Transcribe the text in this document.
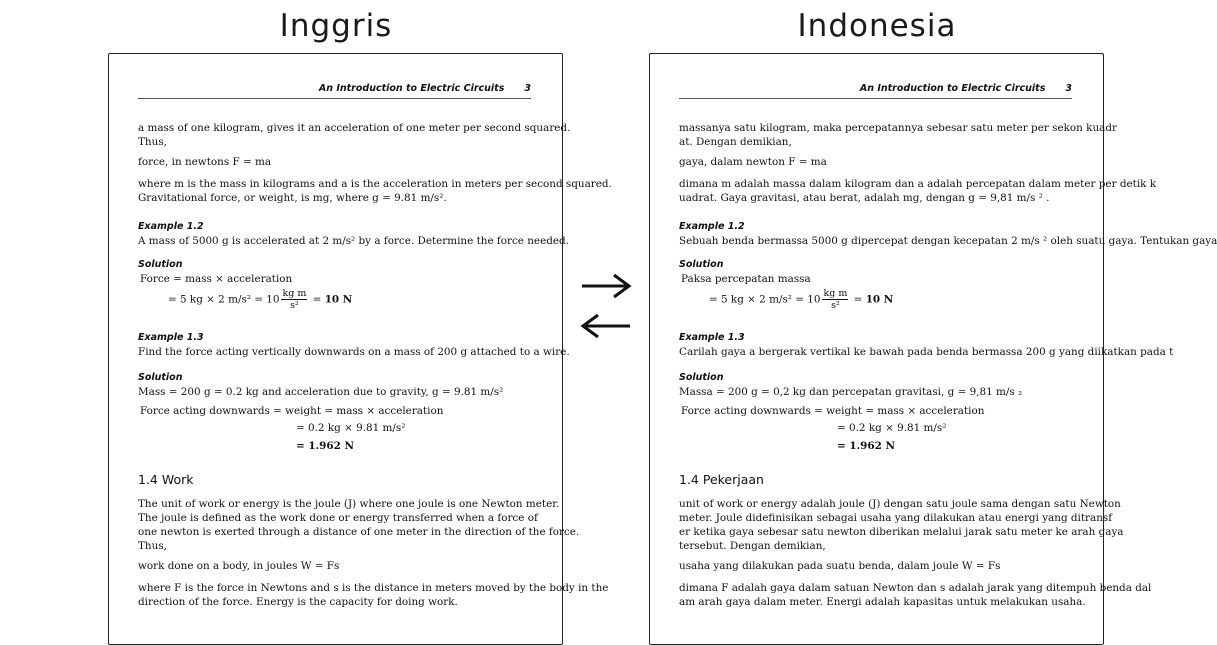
Inggris	Indonesia
An Introduction to Electric Circuits 3
a mass of one kilogram, gives it an acceleration of one meter per second squared.
Thus,
force, in newtons F = ma
where m is the mass in kilograms and a is the acceleration in meters per second squared.
Gravitational force, or weight, is mg, where g = 9.81 m/s².
Example 1.2
A mass of 5000 g is accelerated at 2 m/s² by a force. Determine the force needed.
Solution
Force = mass × acceleration
= 5 kg × 2 $m/s^2 = 10 \frac{\text{kg m}}{\text{s²}} = 10$ N
Example 1.3
Find the force acting vertically downwards on a mass of 200 g attached to a wire.
Solution
Mass = 200 g = 0.2 kg and acceleration due to gravity, g = 9.81 m/s²
Force acting downwards = weight = mass × acceleration
= 0.2 kg × 9.81 m/s²
= 1.962 N
1.4 Work
The unit of work or energy is the joule (J) where one joule is one Newton meter.
The joule is defined as the work done or energy transferred when a force of
one newton is exerted through a distance of one meter in the direction of the force.
Thus,
work done on a body, in joules W = Fs
where F is the force in Newtons and s is the distance in meters moved by the body in the
direction of the force. Energy is the capacity for doing work.
An Introduction to Electric Circuits 3
massanya satu kilogram, maka percepatannya sebesar satu meter per sekon kuadr
at. Dengan demikian,
gaya, dalam newton F = ma
dimana m adalah massa dalam kilogram dan a adalah percepatan dalam meter per detik k
uadrat. Gaya gravitasi, atau berat, adalah mg, dengan g = 9,81 m/s ² .
Example 1.2
Sebuah benda bermassa 5000 g dipercepat dengan kecepatan 2 m/s ² oleh suatu gaya. Tentukan gaya
Solution
Paksa percepatan massa
= 5 kg × 2 $m/s^2 = 10 \frac{\text{kg m}}{\text{s²}} = 10$ N
Example 1.3
Carilah gaya a bergerak vertikal ke bawah pada benda bermassa 200 g yang diikatkan pada t
Solution
Massa = 200 g = 0,2 kg dan percepatan gravitasi, g = 9,81 m/s ₂
Force acting downwards = weight = mass × acceleration
= 0.2 kg × 9.81 m/s²
= 1.962 N
1.4 Pekerjaan
unit of work or energy adalah joule (J) dengan satu joule sama dengan satu Newton
meter. Joule didefinisikan sebagai usaha yang dilakukan atau energi yang ditransf
er ketika gaya sebesar satu newton diberikan melalui jarak satu meter ke arah gaya
tersebut. Dengan demikian,
usaha yang dilakukan pada suatu benda, dalam joule W = Fs
dimana F adalah gaya dalam satuan Newton dan s adalah jarak yang ditempuh benda dal
am arah gaya dalam meter. Energi adalah kapasitas untuk melakukan usaha.
